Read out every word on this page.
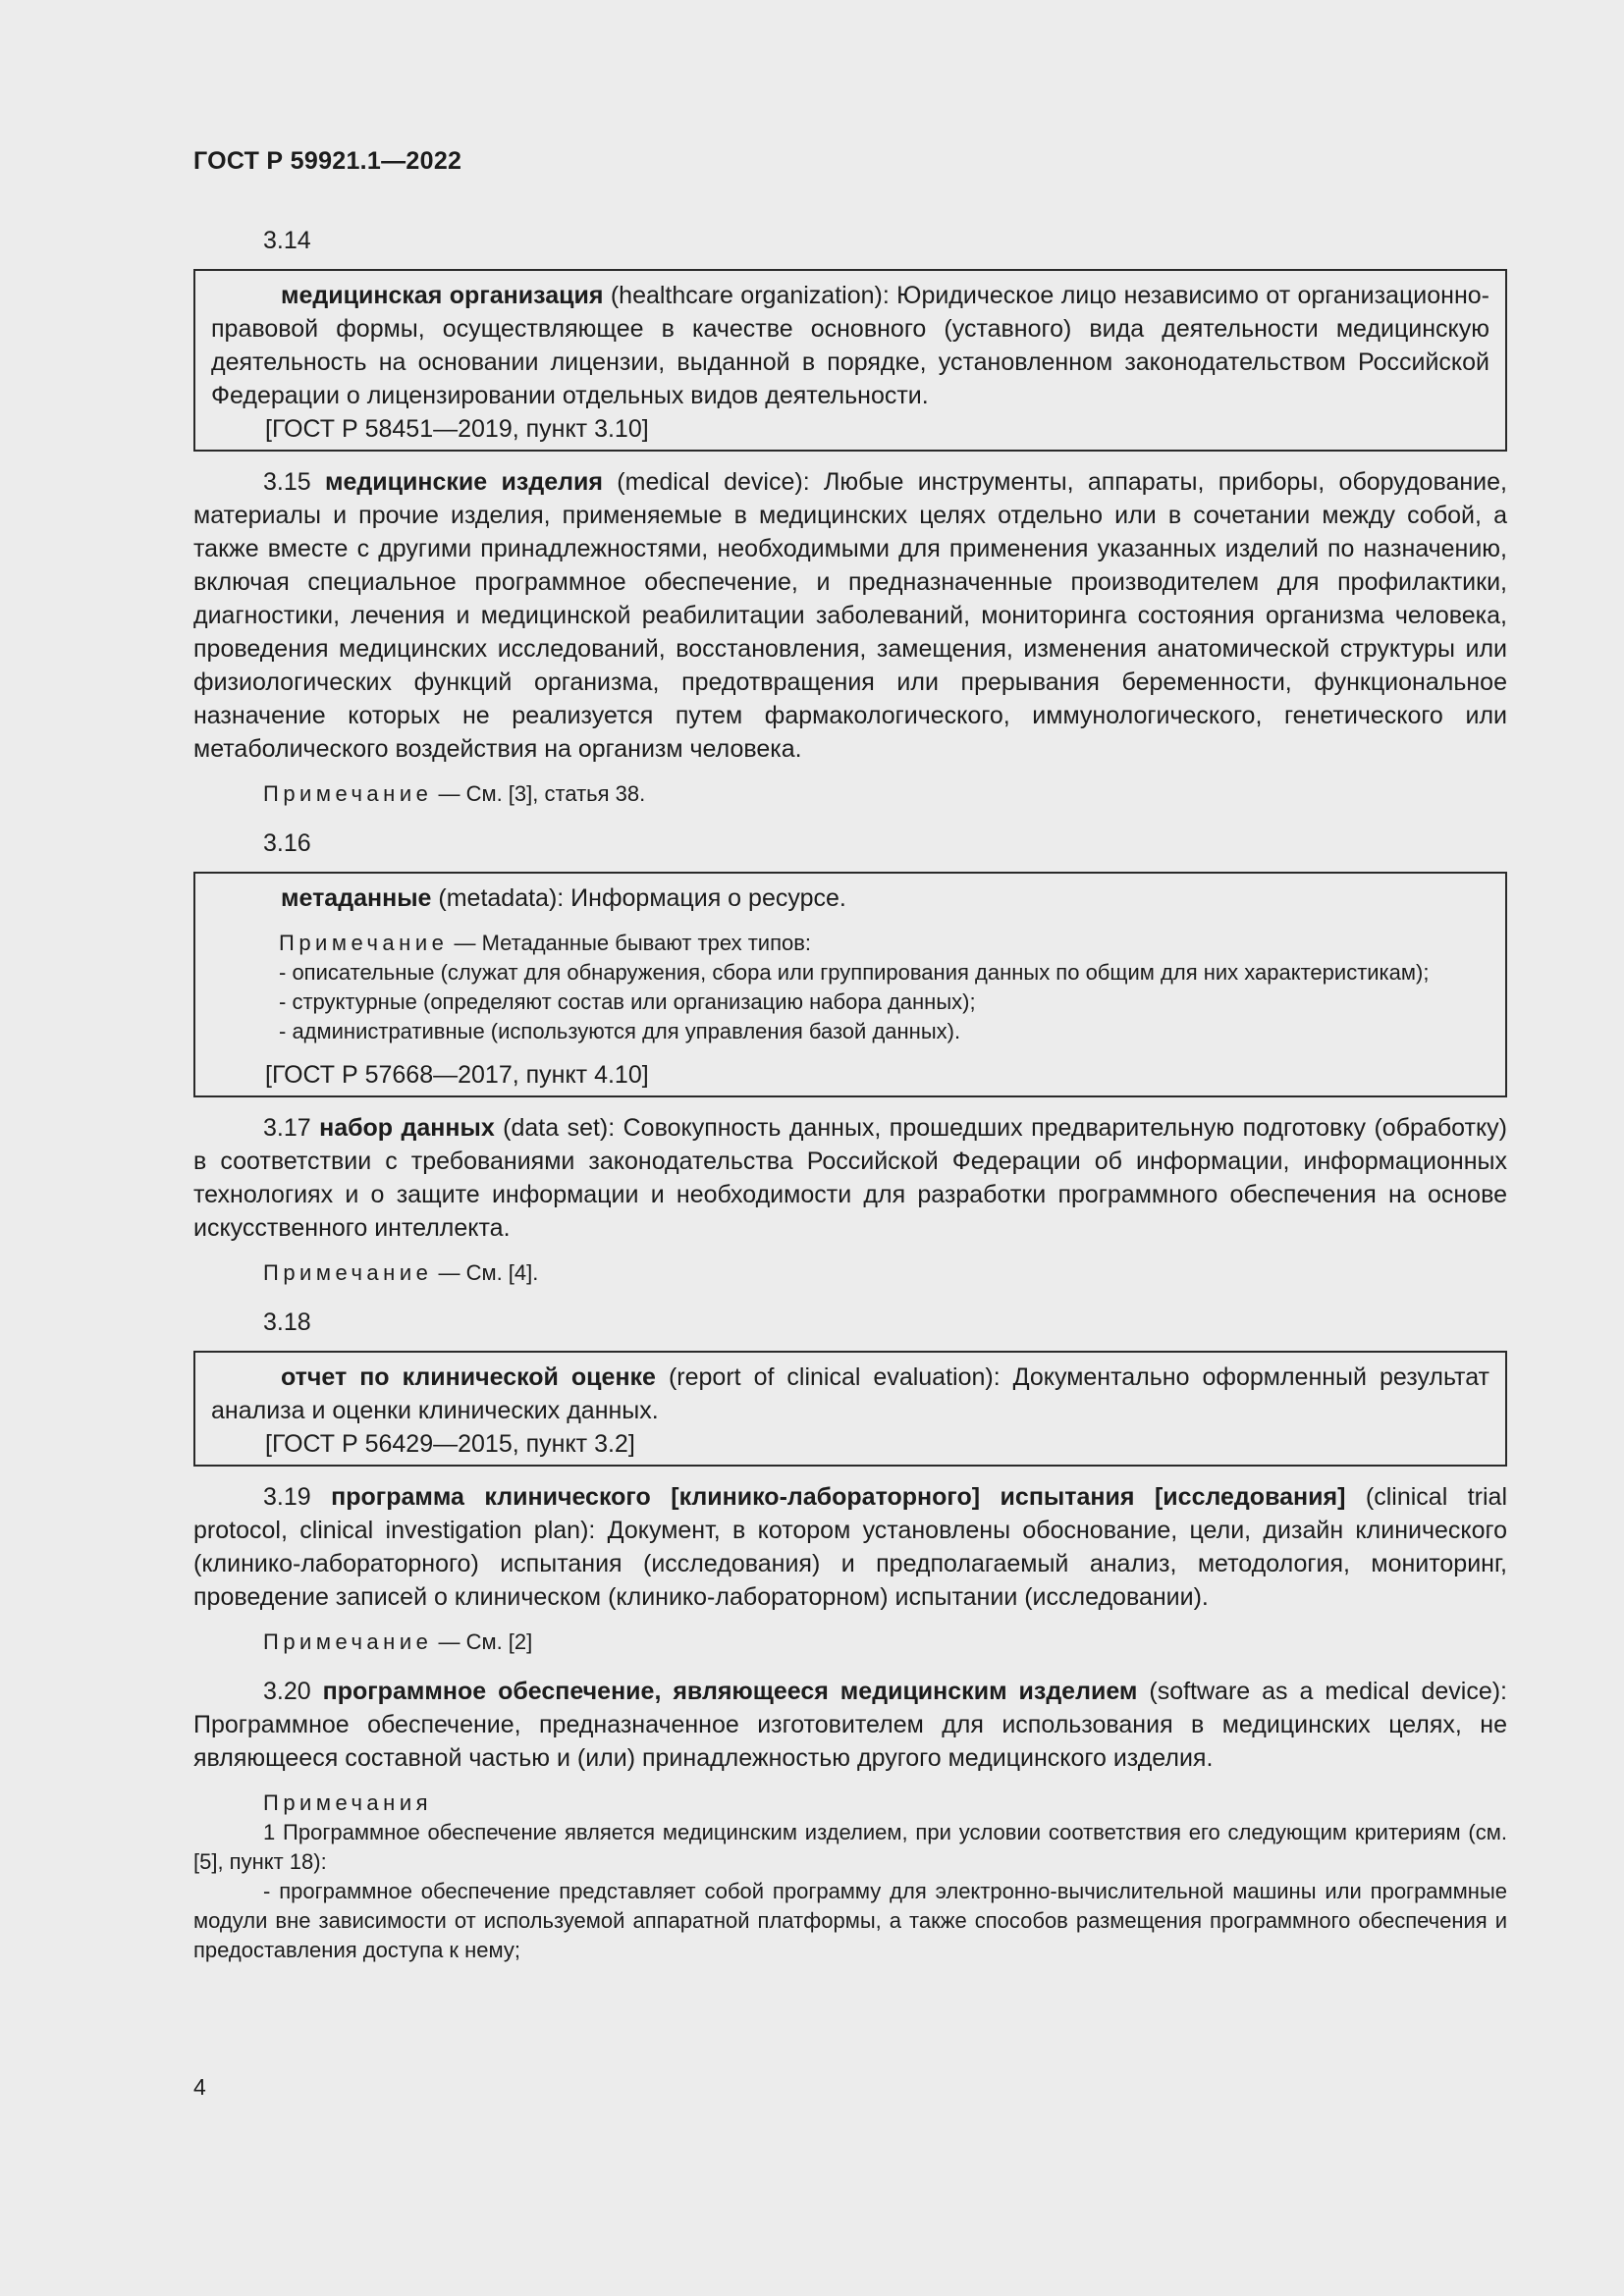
ГОСТ Р 59921.1—2022
3.14

медицинская организация (healthcare organization): Юридическое лицо независимо от организационно-правовой формы, осуществляющее в качестве основного (уставного) вида деятельности медицинскую деятельность на основании лицензии, выданной в порядке, установленном законодательством Российской Федерации о лицензировании отдельных видов деятельности.

[ГОСТ Р 58451—2019, пункт 3.10]

3.15 медицинские изделия (medical device): Любые инструменты, аппараты, приборы, оборудование, материалы и прочие изделия, применяемые в медицинских целях отдельно или в сочетании между собой, а также вместе с другими принадлежностями, необходимыми для применения указанных изделий по назначению, включая специальное программное обеспечение, и предназначенные производителем для профилактики, диагностики, лечения и медицинской реабилитации заболеваний, мониторинга состояния организма человека, проведения медицинских исследований, восстановления, замещения, изменения анатомической структуры или физиологических функций организма, предотвращения или прерывания беременности, функциональное назначение которых не реализуется путем фармакологического, иммунологического, генетического или метаболического воздействия на организм человека.

Примечание — См. [3], статья 38.
3.16

метаданные (metadata): Информация о ресурсе.

Примечание — Метаданные бывают трех типов:
- описательные (служат для обнаружения, сбора или группирования данных по общим для них характеристикам);
- структурные (определяют состав или организацию набора данных);
- административные (используются для управления базой данных).

[ГОСТ Р 57668—2017, пункт 4.10]

3.17 набор данных (data set): Совокупность данных, прошедших предварительную подготовку (обработку) в соответствии с требованиями законодательства Российской Федерации об информации, информационных технологиях и о защите информации и необходимости для разработки программного обеспечения на основе искусственного интеллекта.

Примечание — См. [4].
3.18

отчет по клинической оценке (report of clinical evaluation): Документально оформленный результат анализа и оценки клинических данных.

[ГОСТ Р 56429—2015, пункт 3.2]

3.19 программа клинического [клинико-лабораторного] испытания [исследования] (clinical trial protocol, clinical investigation plan): Документ, в котором установлены обоснование, цели, дизайн клинического (клинико-лабораторного) испытания (исследования) и предполагаемый анализ, методология, мониторинг, проведение записей о клиническом (клинико-лабораторном) испытании (исследовании).

Примечание — См. [2]

3.20 программное обеспечение, являющееся медицинским изделием (software as a medical device): Программное обеспечение, предназначенное изготовителем для использования в медицинских целях, не являющееся составной частью и (или) принадлежностью другого медицинского изделия.

Примечания

1 Программное обеспечение является медицинским изделием, при условии соответствия его следующим критериям (см. [5], пункт 18):

- программное обеспечение представляет собой программу для электронно-вычислительной машины или программные модули вне зависимости от используемой аппаратной платформы, а также способов размещения программного обеспечения и предоставления доступа к нему;

4
